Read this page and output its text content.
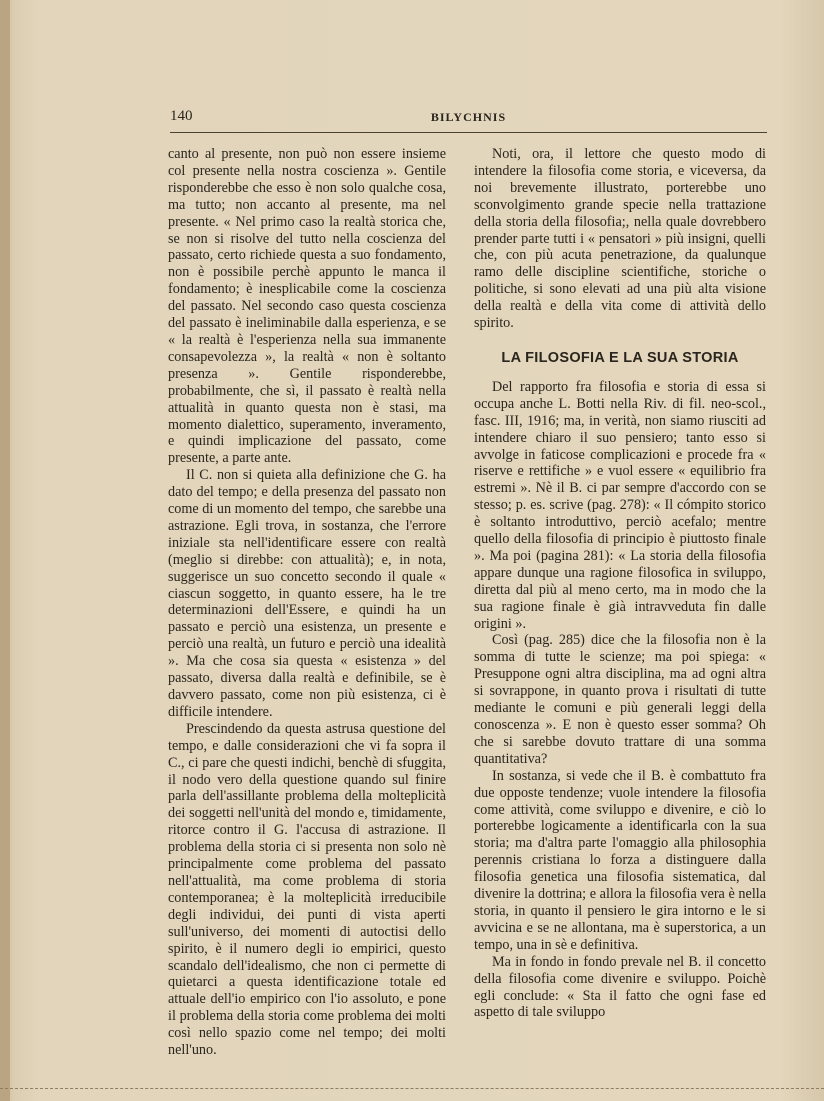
140	BILYCHNIS

canto al presente, non può non essere insieme col presente nella nostra coscienza ». Gentile risponderebbe che esso è non solo qualche cosa, ma tutto; non accanto al presente, ma nel presente. « Nel primo caso la realtà storica che, se non si risolve del tutto nella coscienza del passato, certo richiede questa a suo fondamento, non è possibile perchè appunto le manca il fondamento; è inesplicabile come la coscienza del passato. Nel secondo caso questa coscienza del passato è ineliminabile dalla esperienza, e se « la realtà è l'esperienza nella sua immanente consapevolezza », la realtà « non è soltanto presenza ». Gentile risponderebbe, probabilmente, che sì, il passato è realtà nella attualità in quanto questa non è stasi, ma momento dialettico, superamento, inveramento, e quindi implicazione del passato, come presente, a parte ante.

Il C. non si quieta alla definizione che G. ha dato del tempo; e della presenza del passato non come di un momento del tempo, che sarebbe una astrazione. Egli trova, in sostanza, che l'errore iniziale sta nell'identificare essere con realtà (meglio si direbbe: con attualità); e, in nota, suggerisce un suo concetto secondo il quale « ciascun soggetto, in quanto essere, ha le tre determinazioni dell'Essere, e quindi ha un passato e perciò una esistenza, un presente e perciò una realtà, un futuro e perciò una idealità ». Ma che cosa sia questa « esistenza » del passato, diversa dalla realtà e definibile, se è davvero passato, come non più esistenza, ci è difficile intendere.

Prescindendo da questa astrusa questione del tempo, e dalle considerazioni che vi fa sopra il C., ci pare che questi indichi, benchè di sfuggita, il nodo vero della questione quando sul finire parla dell'assillante problema della molteplicità dei soggetti nell'unità del mondo e, timidamente, ritorce contro il G. l'accusa di astrazione. Il problema della storia ci si presenta non solo nè principalmente come problema del passato nell'attualità, ma come problema di storia contemporanea; è la molteplicità irreducibile degli individui, dei punti di vista aperti sull'universo, dei momenti di autoctisi dello spirito, è il numero degli io empirici, questo scandalo dell'idealismo, che non ci permette di quietarci a questa identificazione totale ed attuale dell'io empirico con l'io assoluto, e pone il problema della storia come problema dei molti così nello spazio come nel tempo; dei molti nell'uno.

Noti, ora, il lettore che questo modo di intendere la filosofia come storia, e viceversa, da noi brevemente illustrato, porterebbe uno sconvolgimento grande specie nella trattazione della storia della filosofia;, nella quale dovrebbero prender parte tutti i « pensatori » più insigni, quelli che, con più acuta penetrazione, da qualunque ramo delle discipline scientifiche, storiche o politiche, si sono elevati ad una più alta visione della realtà e della vita come di attività dello spirito.

LA FILOSOFIA E LA SUA STORIA

Del rapporto fra filosofia e storia di essa si occupa anche L. Botti nella Riv. di fil. neo-scol., fasc. III, 1916; ma, in verità, non siamo riusciti ad intendere chiaro il suo pensiero; tanto esso si avvolge in faticose complicazioni e procede fra « riserve e rettifiche » e vuol essere « equilibrio fra estremi ». Nè il B. ci par sempre d'accordo con se stesso; p. es. scrive (pag. 278): « Il cómpito storico è soltanto introduttivo, perciò acefalo; mentre quello della filosofia di principio è piuttosto finale ». Ma poi (pagina 281): « La storia della filosofia appare dunque una ragione filosofica in sviluppo, diretta dal più al meno certo, ma in modo che la sua ragione finale è già intravveduta fin dalle origini ».

Così (pag. 285) dice che la filosofia non è la somma di tutte le scienze; ma poi spiega: « Presuppone ogni altra disciplina, ma ad ogni altra si sovrappone, in quanto prova i risultati di tutte mediante le comuni e più generali leggi della conoscenza ». E non è questo esser somma? Oh che si sarebbe dovuto trattare di una somma quantitativa?

In sostanza, si vede che il B. è combattuto fra due opposte tendenze; vuole intendere la filosofia come attività, come sviluppo e divenire, e ciò lo porterebbe logicamente a identificarla con la sua storia; ma d'altra parte l'omaggio alla philosophia perennis cristiana lo forza a distinguere dalla filosofia genetica una filosofia sistematica, dal divenire la dottrina; e allora la filosofia vera è nella storia, in quanto il pensiero le gira intorno e le si avvicina e se ne allontana, ma è superstorica, a un tempo, una in sè e definitiva.

Ma in fondo in fondo prevale nel B. il concetto della filosofia come divenire e sviluppo. Poichè egli conclude: « Sta il fatto che ogni fase ed aspetto di tale sviluppo
